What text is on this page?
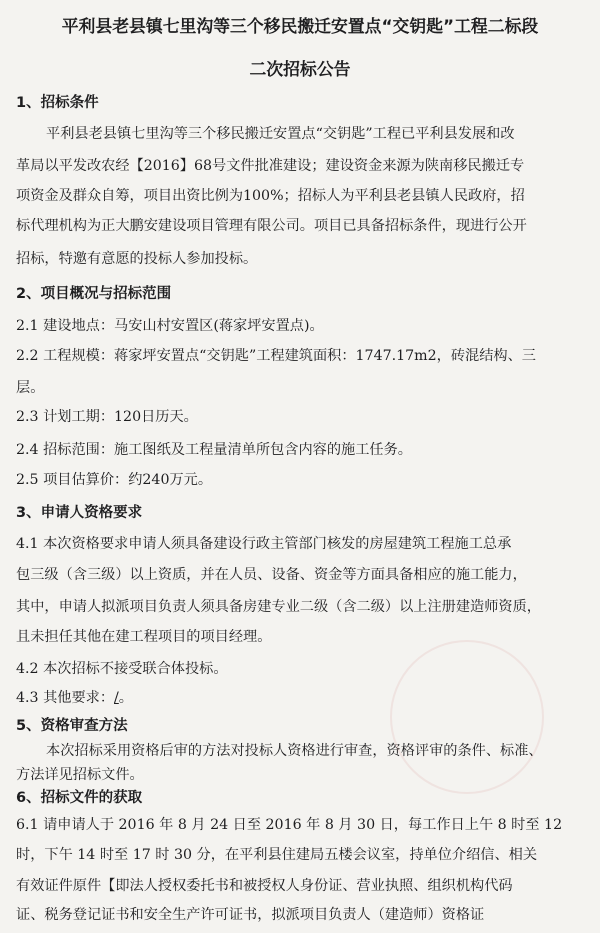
平利县老县镇七里沟等三个移民搬迁安置点“交钥匙”工程二标段
二次招标公告
1、招标条件
平利县老县镇七里沟等三个移民搬迁安置点“交钥匙”工程已平利县发展和改
革局以平发改农经【2016】68号文件批准建设；建设资金来源为陕南移民搬迁专
项资金及群众自筹，项目出资比例为100%；招标人为平利县老县镇人民政府，招
标代理机构为正大鹏安建设项目管理有限公司。项目已具备招标条件，现进行公开
招标，特邀有意愿的投标人参加投标。
2、项目概况与招标范围
2.1 建设地点：马安山村安置区(蒋家坪安置点)。
2.2 工程规模：蒋家坪安置点“交钥匙”工程建筑面积：1747.17m2，砖混结构、三
层。
2.3 计划工期：120日历天。
2.4 招标范围：施工图纸及工程量清单所包含内容的施工任务。
2.5 项目估算价：约240万元。
3、申请人资格要求
4.1 本次资格要求申请人须具备建设行政主管部门核发的房屋建筑工程施工总承
包三级（含三级）以上资质，并在人员、设备、资金等方面具备相应的施工能力，
其中，申请人拟派项目负责人须具备房建专业二级（含二级）以上注册建造师资质，
且未担任其他在建工程项目的项目经理。
4.2 本次招标不接受联合体投标。
4.3 其他要求：/。
5、资格审查方法
本次招标采用资格后审的方法对投标人资格进行审查，资格评审的条件、标准、
方法详见招标文件。
6、招标文件的获取
6.1 请申请人于 2016 年 8 月 24 日至 2016 年 8 月 30 日，每工作日上午 8 时至 12
时，下午 14 时至 17 时 30 分，在平利县住建局五楼会议室，持单位介绍信、相关
有效证件原件【即法人授权委托书和被授权人身份证、营业执照、组织机构代码
证、税务登记证书和安全生产许可证书，拟派项目负责人（建造师）资格证
